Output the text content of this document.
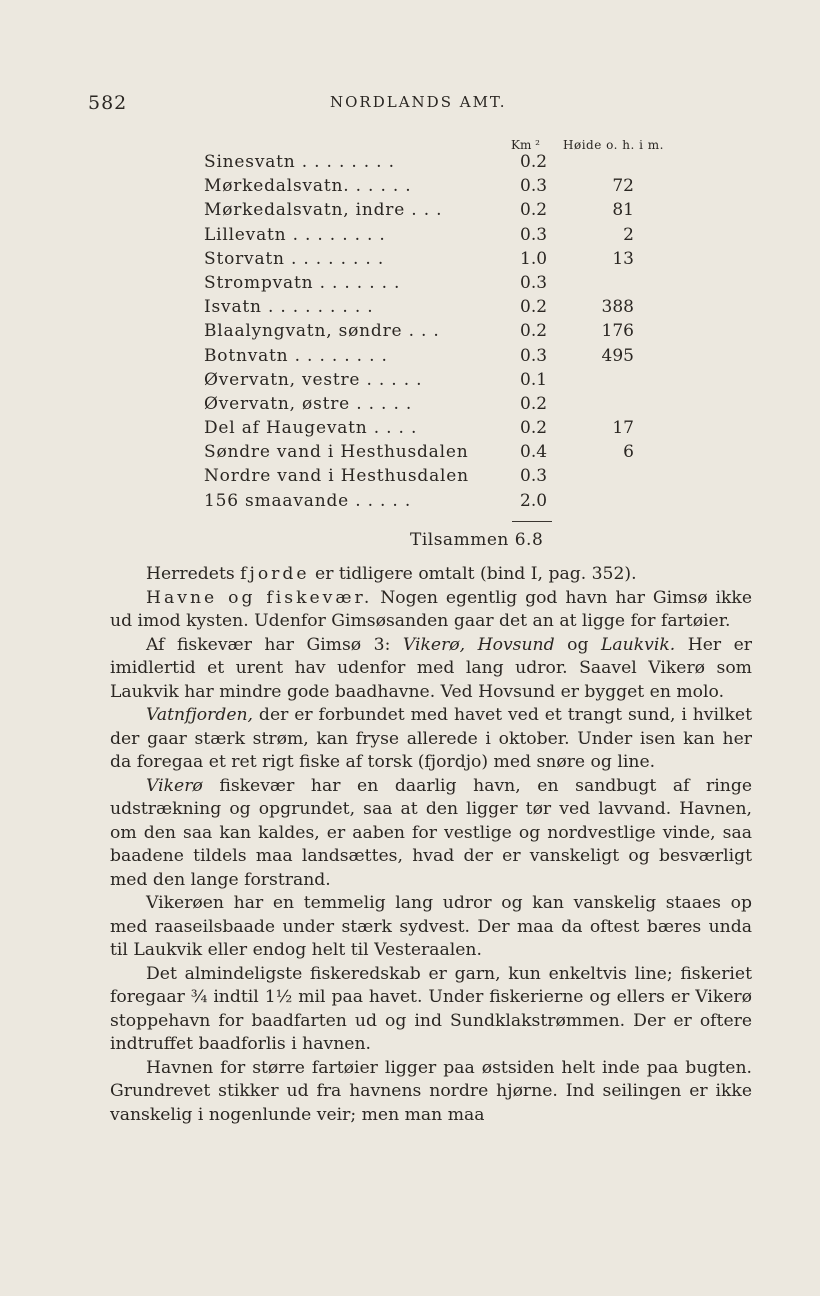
582	NORDLANDS AMT.
Km ² Høide o. h. i m.
Sinesvatn . . . . . . . .	0.2
Mørkedalsvatn. . . . . .	0.3	72
Mørkedalsvatn, indre . . .	0.2	81
Lillevatn . . . . . . . .	0.3	2
Storvatn . . . . . . . .	1.0	13
Strompvatn . . . . . . .	0.3
Isvatn . . . . . . . . .	0.2	388
Blaalyngvatn, søndre . . .	0.2	176
Botnvatn . . . . . . . .	0.3	495
Øvervatn, vestre . . . . .	0.1
Øvervatn, østre . . . . .	0.2
Del af Haugevatn . . . .	0.2	17
Søndre vand i Hesthusdalen	0.4	6
Nordre vand i Hesthusdalen	0.3
156 smaavande . . . . .	2.0
Tilsammen 6.8

Herredets fjorde er tidligere omtalt (bind I, pag. 352).

Havne og fiskevær. Nogen egentlig god havn har Gimsø ikke ud imod kysten. Udenfor Gimsøsanden gaar det an at ligge for fartøier.

Af fiskevær har Gimsø 3: Vikerø, Hovsund og Laukvik. Her er imidlertid et urent hav udenfor med lang udror. Saavel Vikerø som Laukvik har mindre gode baadhavne. Ved Hovsund er bygget en molo.

Vatnfjorden, der er forbundet med havet ved et trangt sund, i hvilket der gaar stærk strøm, kan fryse allerede i oktober. Under isen kan her da foregaa et ret rigt fiske af torsk (fjordjo) med snøre og line.

Vikerø fiskevær har en daarlig havn, en sandbugt af ringe udstrækning og opgrundet, saa at den ligger tør ved lavvand. Havnen, om den saa kan kaldes, er aaben for vestlige og nordvestlige vinde, saa baadene tildels maa landsættes, hvad der er vanskeligt og besværligt med den lange forstrand.

Vikerøen har en temmelig lang udror og kan vanskelig staaes op med raaseilsbaade under stærk sydvest. Der maa da oftest bæres unda til Laukvik eller endog helt til Vesteraalen.

Det almindeligste fiskeredskab er garn, kun enkeltvis line; fiskeriet foregaar ¾ indtil 1½ mil paa havet. Under fiskerierne og ellers er Vikerø stoppehavn for baadfarten ud og ind Sundklakstrømmen. Der er oftere indtruffet baadforlis i havnen.

Havnen for større fartøier ligger paa østsiden helt inde paa bugten. Grundrevet stikker ud fra havnens nordre hjørne. Ind seilingen er ikke vanskelig i nogenlunde veir; men man maa
